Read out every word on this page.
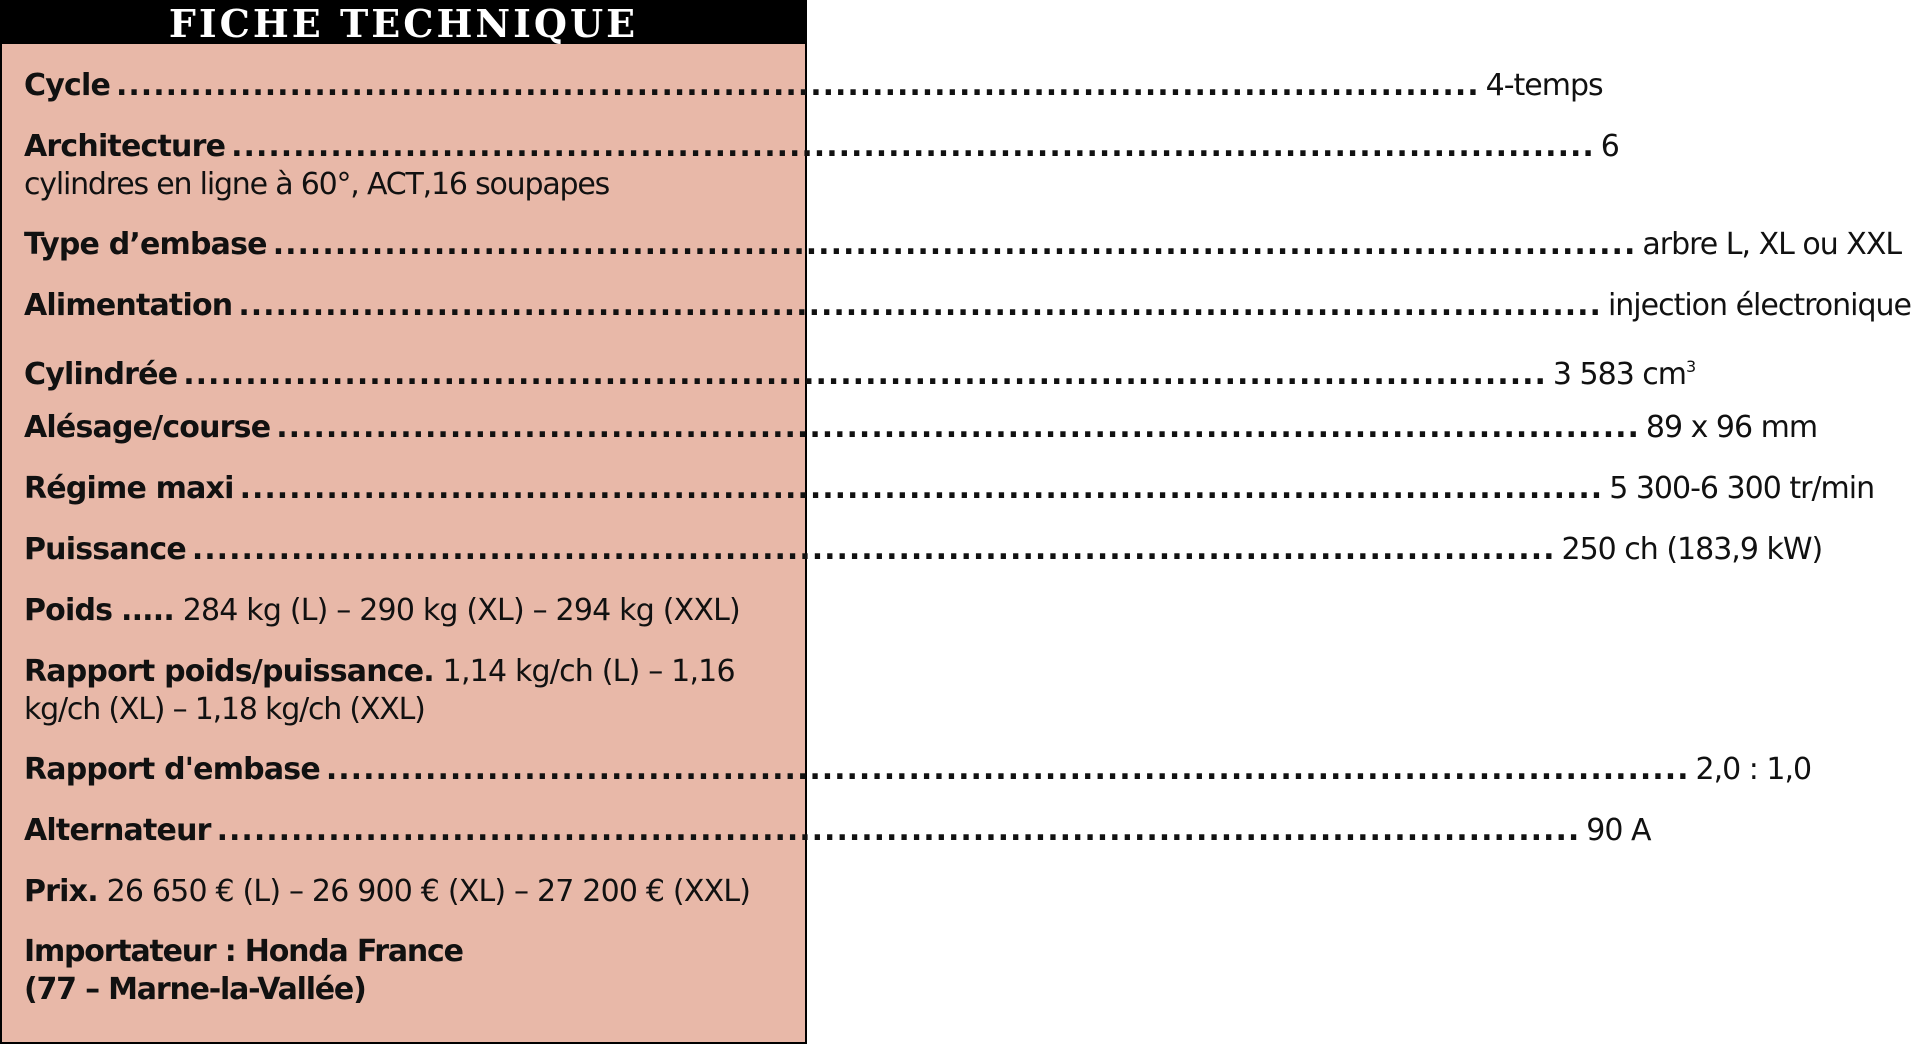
FICHE TECHNIQUE
Cycle .............................................................................................................. 4-temps
Architecture .............................................................................................................. 6
cylindres en ligne à 60°, ACT,16 soupapes
Type d’embase .............................................................................................................. arbre L, XL ou XXL
Alimentation .............................................................................................................. injection électronique
Cylindrée .............................................................................................................. 3 583 $cm^3$
Alésage/course .............................................................................................................. 89 x 96 mm
Régime maxi .............................................................................................................. 5 300-6 300 tr/min
Puissance .............................................................................................................. 250 ch (183,9 kW)
Poids ..... 284 kg (L) – 290 kg (XL) – 294 kg (XXL)
Rapport poids/puissance. 1,14 kg/ch (L) – 1,16
kg/ch (XL) – 1,18 kg/ch (XXL)
Rapport d'embase .............................................................................................................. 2,0 : 1,0
Alternateur .............................................................................................................. 90 A
Prix. 26 650 € (L) – 26 900 € (XL) – 27 200 € (XXL)
Importateur : Honda France
(77 – Marne-la-Vallée)
